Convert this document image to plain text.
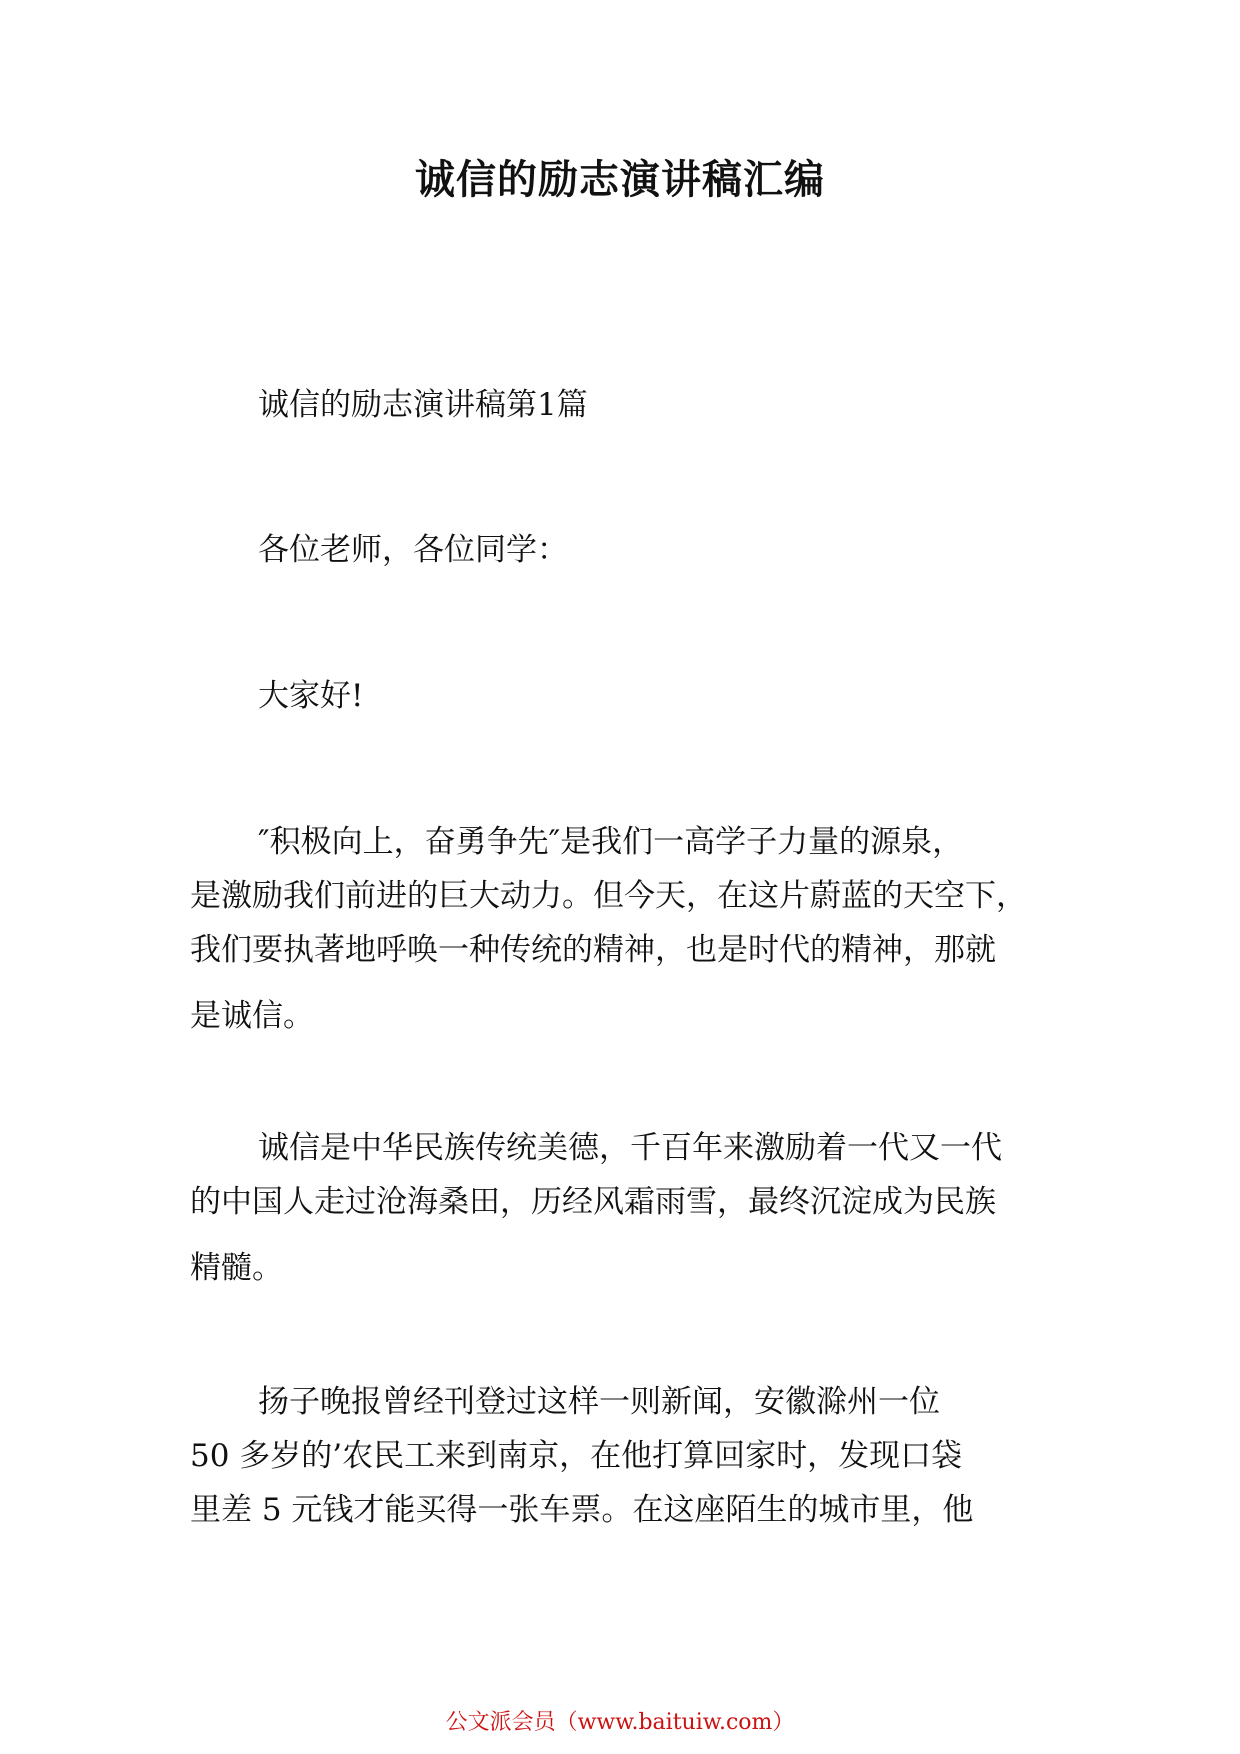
诚信的励志演讲稿汇编
诚信的励志演讲稿第1篇
各位老师，各位同学：
大家好!
″积极向上，奋勇争先″是我们一高学子力量的源泉，
是激励我们前进的巨大动力。但今天，在这片蔚蓝的天空下，
我们要执著地呼唤一种传统的精神，也是时代的精神，那就
是诚信。
诚信是中华民族传统美德，千百年来激励着一代又一代
的中国人走过沧海桑田，历经风霜雨雪，最终沉淀成为民族
精髓。
扬子晚报曾经刊登过这样一则新闻，安徽滁州一位
50 多岁的’农民工来到南京，在他打算回家时，发现口袋
里差 5 元钱才能买得一张车票。在这座陌生的城市里，他
公文派会员（www.baituiw.com）
